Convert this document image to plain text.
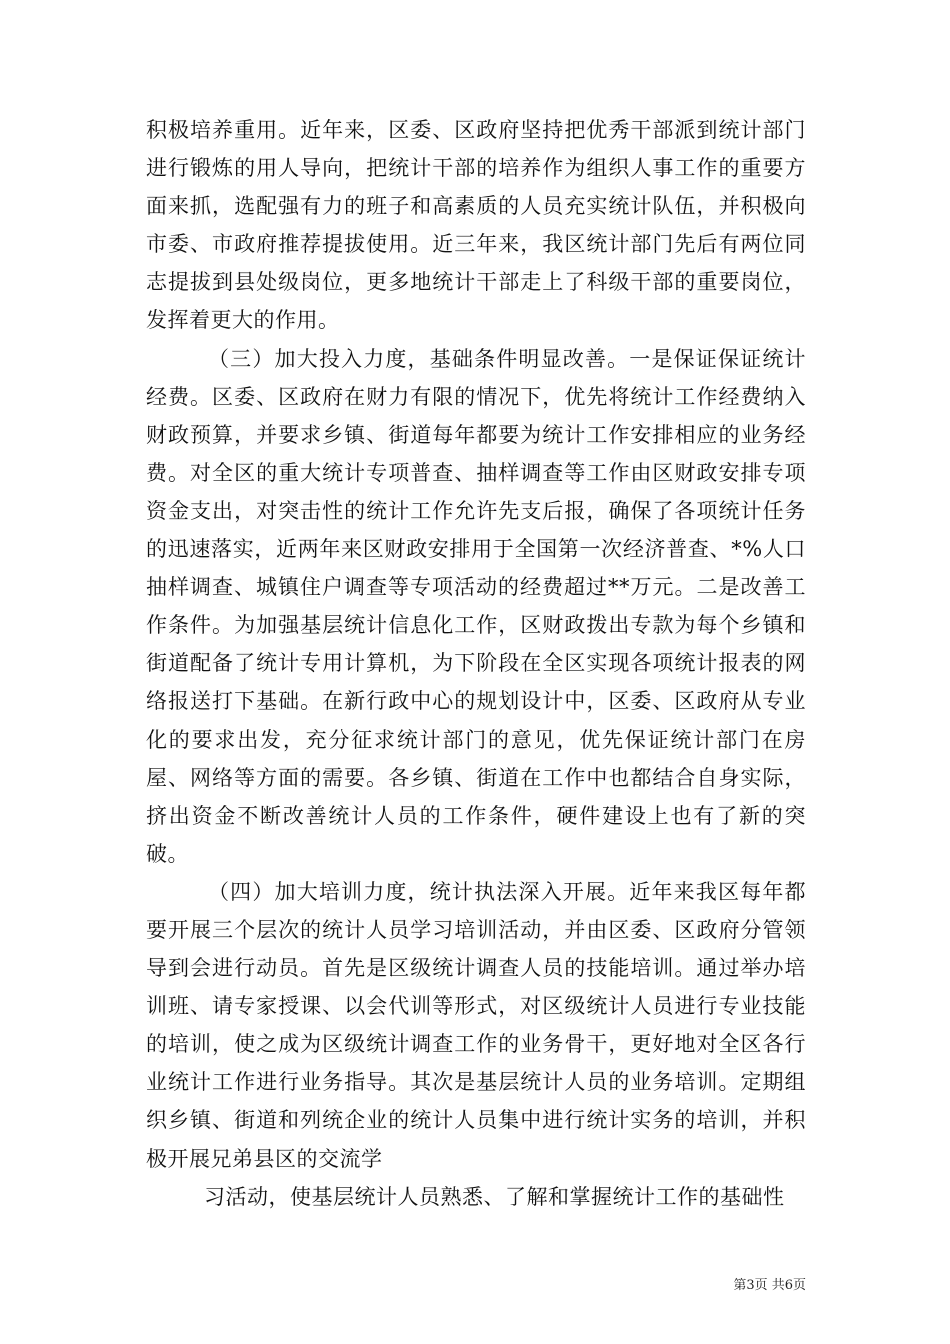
积极培养重用。近年来，区委、区政府坚持把优秀干部派到统计部门进行锻炼的用人导向，把统计干部的培养作为组织人事工作的重要方面来抓，选配强有力的班子和高素质的人员充实统计队伍，并积极向市委、市政府推荐提拔使用。近三年来，我区统计部门先后有两位同志提拔到县处级岗位，更多地统计干部走上了科级干部的重要岗位，发挥着更大的作用。

（三）加大投入力度，基础条件明显改善。一是保证保证统计经费。区委、区政府在财力有限的情况下，优先将统计工作经费纳入财政预算，并要求乡镇、街道每年都要为统计工作安排相应的业务经费。对全区的重大统计专项普查、抽样调查等工作由区财政安排专项资金支出，对突击性的统计工作允许先支后报，确保了各项统计任务的迅速落实，近两年来区财政安排用于全国第一次经济普查、*%人口抽样调查、城镇住户调查等专项活动的经费超过**万元。二是改善工作条件。为加强基层统计信息化工作，区财政拨出专款为每个乡镇和街道配备了统计专用计算机，为下阶段在全区实现各项统计报表的网络报送打下基础。在新行政中心的规划设计中，区委、区政府从专业化的要求出发，充分征求统计部门的意见，优先保证统计部门在房屋、网络等方面的需要。各乡镇、街道在工作中也都结合自身实际，挤出资金不断改善统计人员的工作条件，硬件建设上也有了新的突破。

（四）加大培训力度，统计执法深入开展。近年来我区每年都要开展三个层次的统计人员学习培训活动，并由区委、区政府分管领导到会进行动员。首先是区级统计调查人员的技能培训。通过举办培训班、请专家授课、以会代训等形式，对区级统计人员进行专业技能的培训，使之成为区级统计调查工作的业务骨干，更好地对全区各行业统计工作进行业务指导。其次是基层统计人员的业务培训。定期组织乡镇、街道和列统企业的统计人员集中进行统计实务的培训，并积极开展兄弟县区的交流学

习活动，使基层统计人员熟悉、了解和掌握统计工作的基础性

第3页 共6页
